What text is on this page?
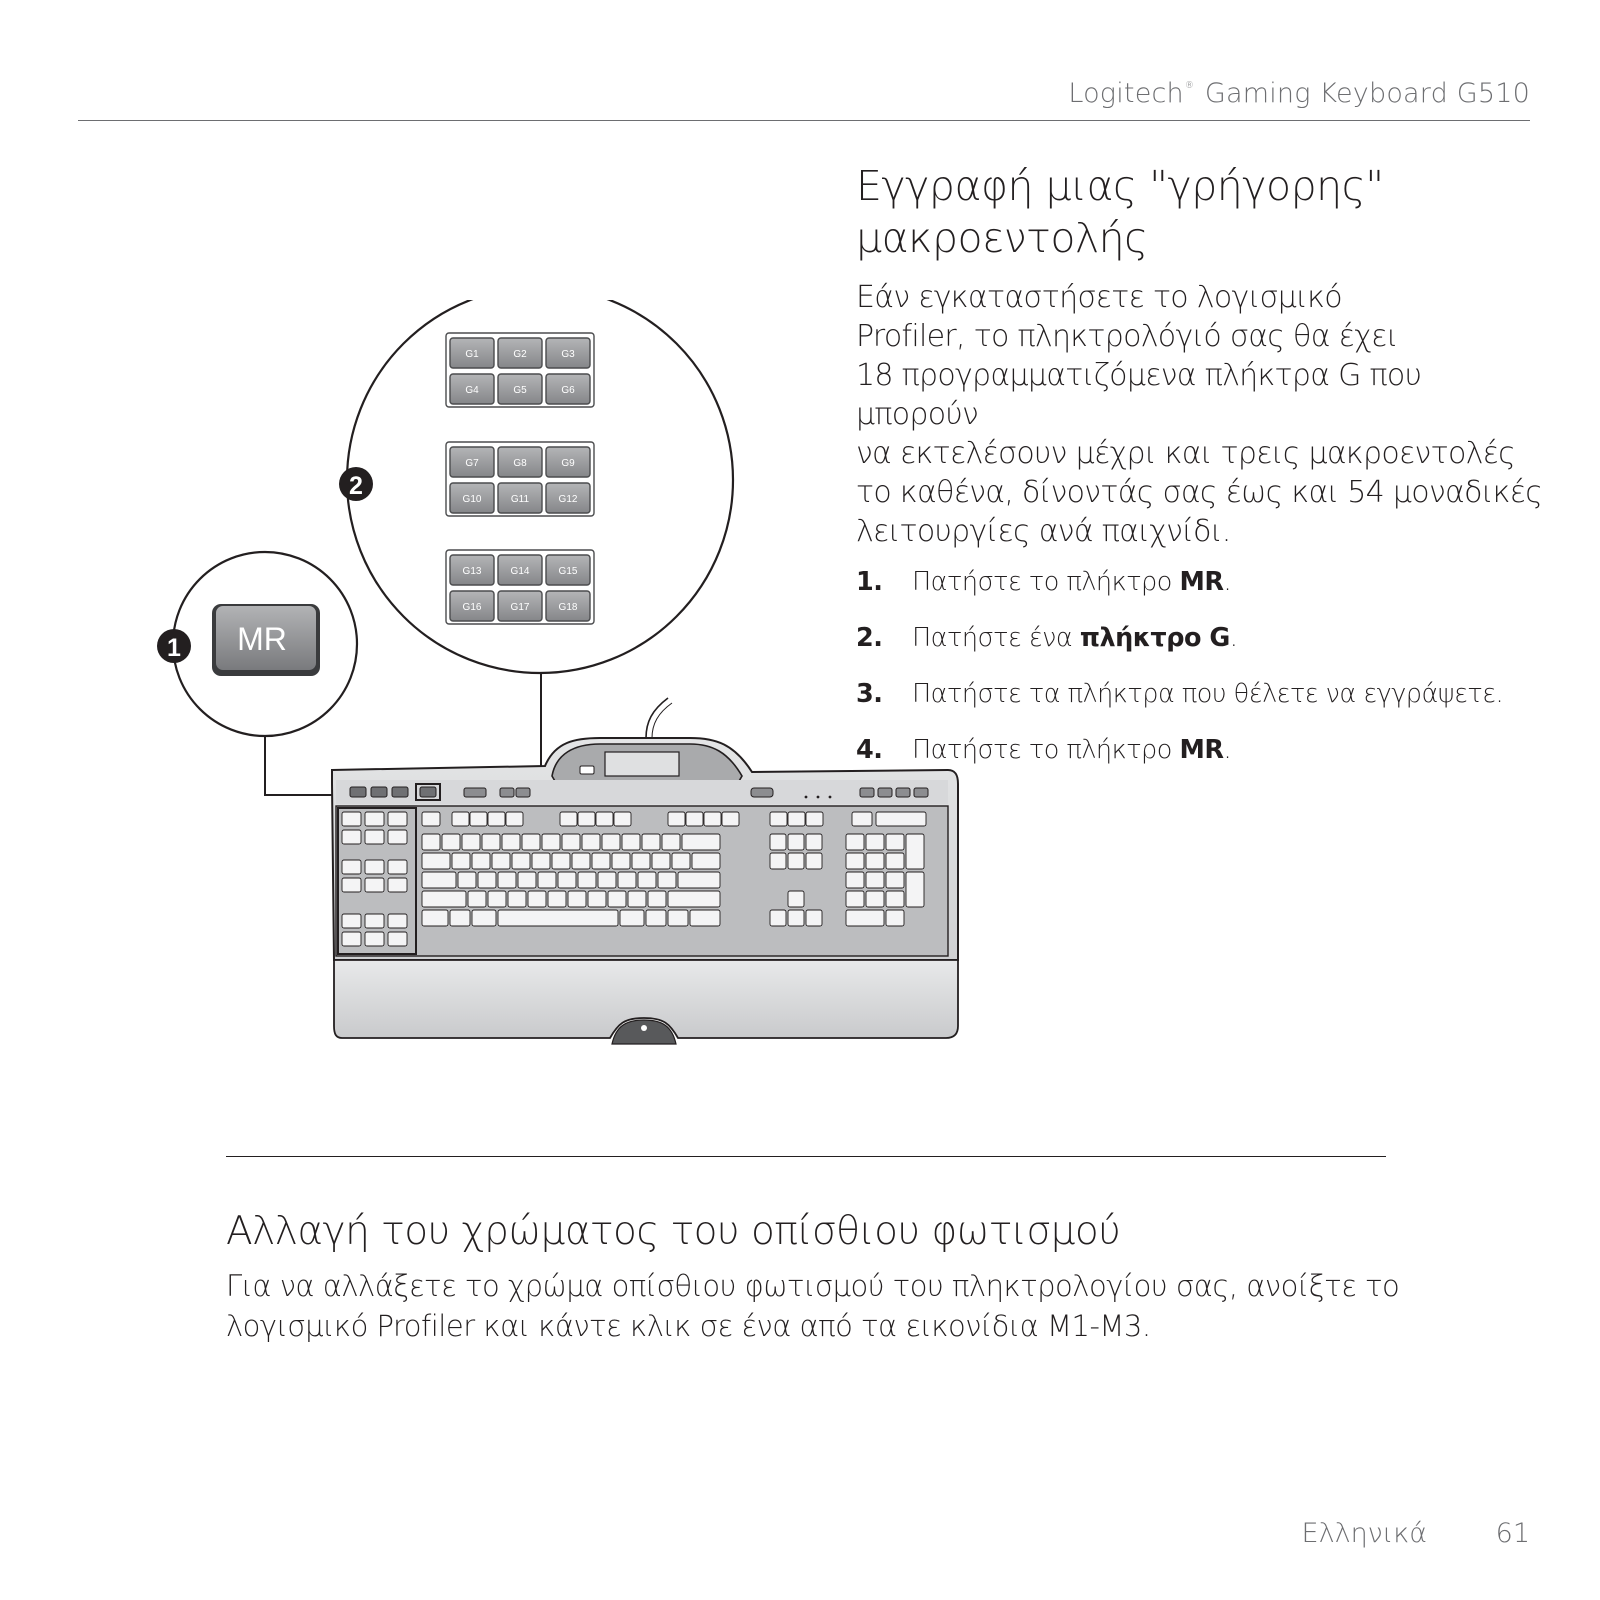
Logitech® Gaming Keyboard G510

G1	G2	G3
G4	G5	G6
G7	G8	G9
G10	G11	G12
G13	G14	G15
G16	G17	G18
MR
1
2
Εγγραφή μιας "γρήγορης"
μακροεντολής

Εάν εγκαταστήσετε το λογισμικό
Profiler, το πληκτρολόγιό σας θα έχει
18 προγραμματιζόμενα πλήκτρα G που μπορούν
να εκτελέσουν μέχρι και τρεις μακροεντολές
το καθένα, δίνοντάς σας έως και 54 μοναδικές
λειτουργίες ανά παιχνίδι.

1.	Πατήστε το πλήκτρο MR.
2.	Πατήστε ένα πλήκτρο G.
3.	Πατήστε τα πλήκτρα που θέλετε να εγγράψετε.
4.	Πατήστε το πλήκτρο MR.
Αλλαγή του χρώματος του οπίσθιου φωτισμού

Για να αλλάξετε το χρώμα οπίσθιου φωτισμού του πληκτρολογίου σας, ανοίξτε το
λογισμικό Profiler και κάντε κλικ σε ένα από τα εικονίδια M1-M3.

Ελληνικά	61
